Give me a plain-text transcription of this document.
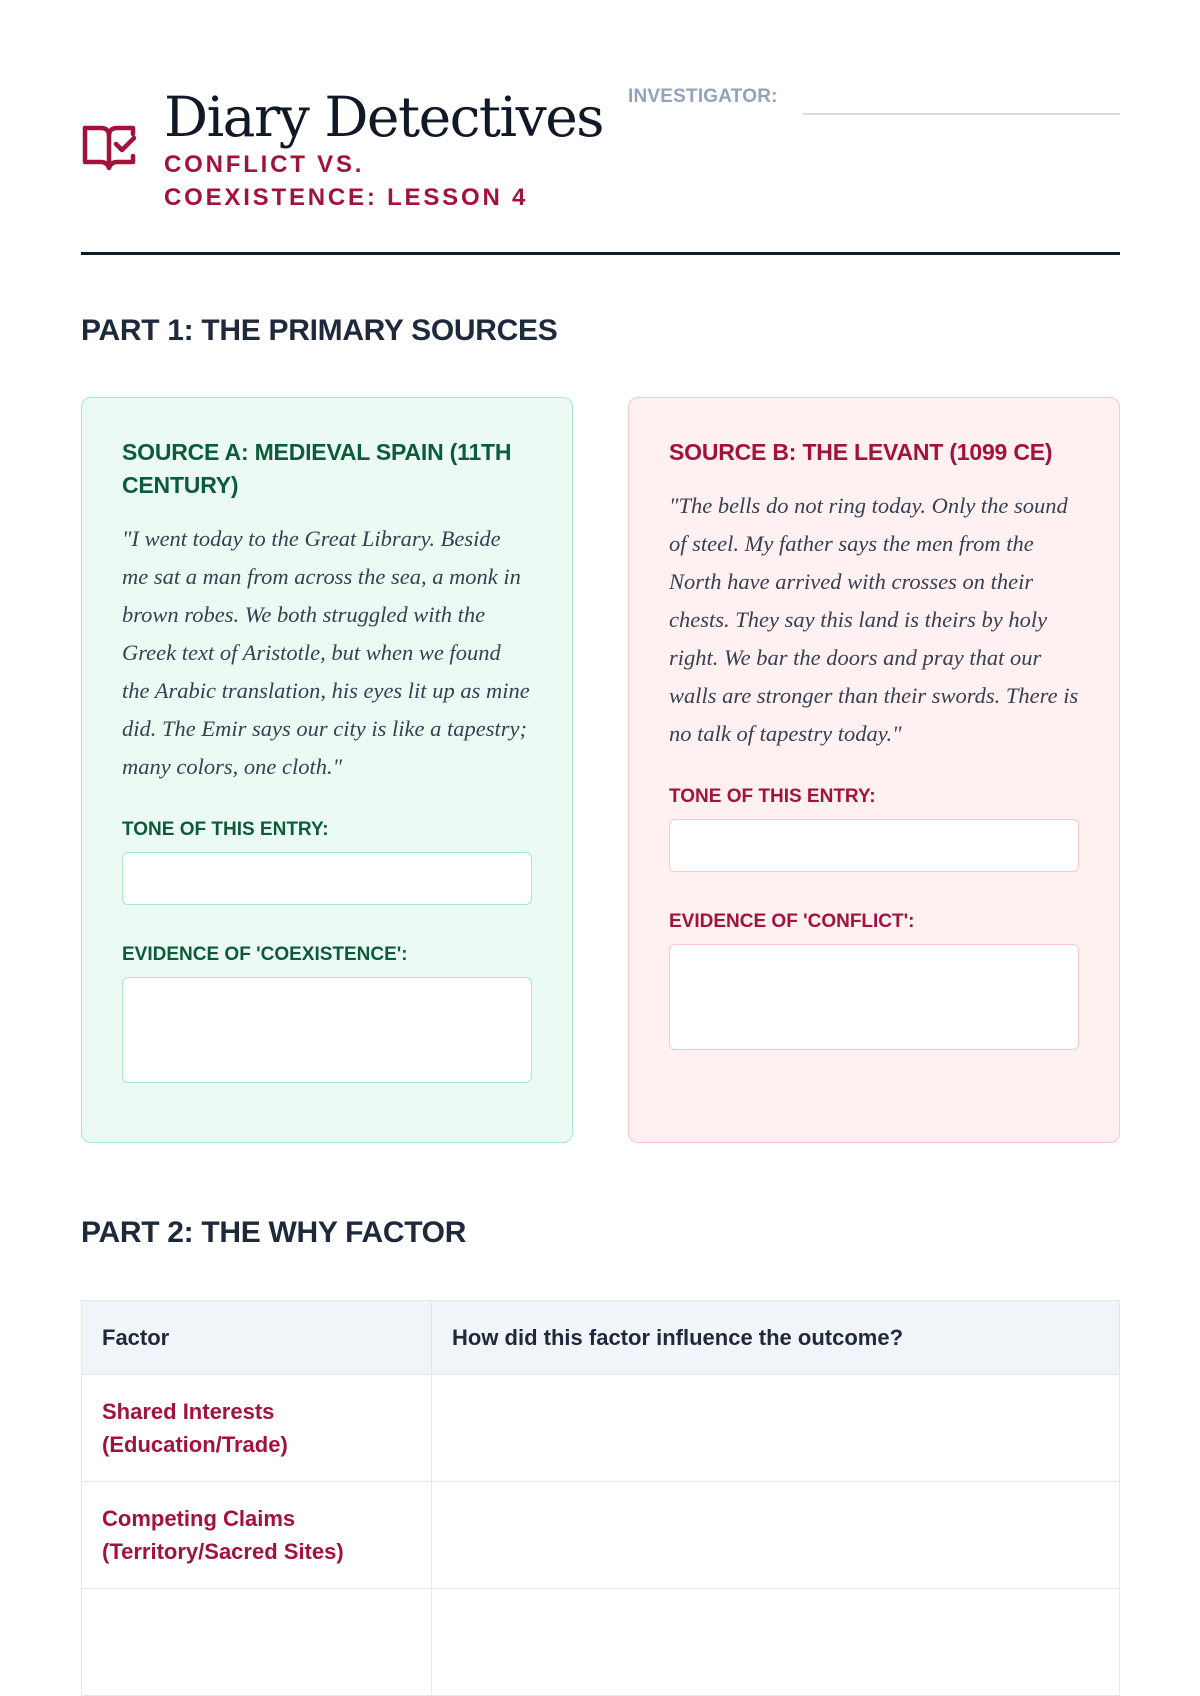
Diary Detectives

CONFLICT VS. COEXISTENCE: LESSON 4

INVESTIGATOR:
PART 1: THE PRIMARY SOURCES
SOURCE A: MEDIEVAL SPAIN (11TH CENTURY)

"I went today to the Great Library. Beside me sat a man from across the sea, a monk in brown robes. We both struggled with the Greek text of Aristotle, but when we found the Arabic translation, his eyes lit up as mine did. The Emir says our city is like a tapestry; many colors, one cloth."

TONE OF THIS ENTRY:
EVIDENCE OF 'COEXISTENCE':
SOURCE B: THE LEVANT (1099 CE)

"The bells do not ring today. Only the sound of steel. My father says the men from the North have arrived with crosses on their chests. They say this land is theirs by holy right. We bar the doors and pray that our walls are stronger than their swords. There is no talk of tapestry today."

TONE OF THIS ENTRY:
EVIDENCE OF 'CONFLICT':
PART 2: THE WHY FACTOR
Factor	How did this factor influence the outcome?
Shared Interests (Education/Trade)	
Competing Claims (Territory/Sacred Sites)	
